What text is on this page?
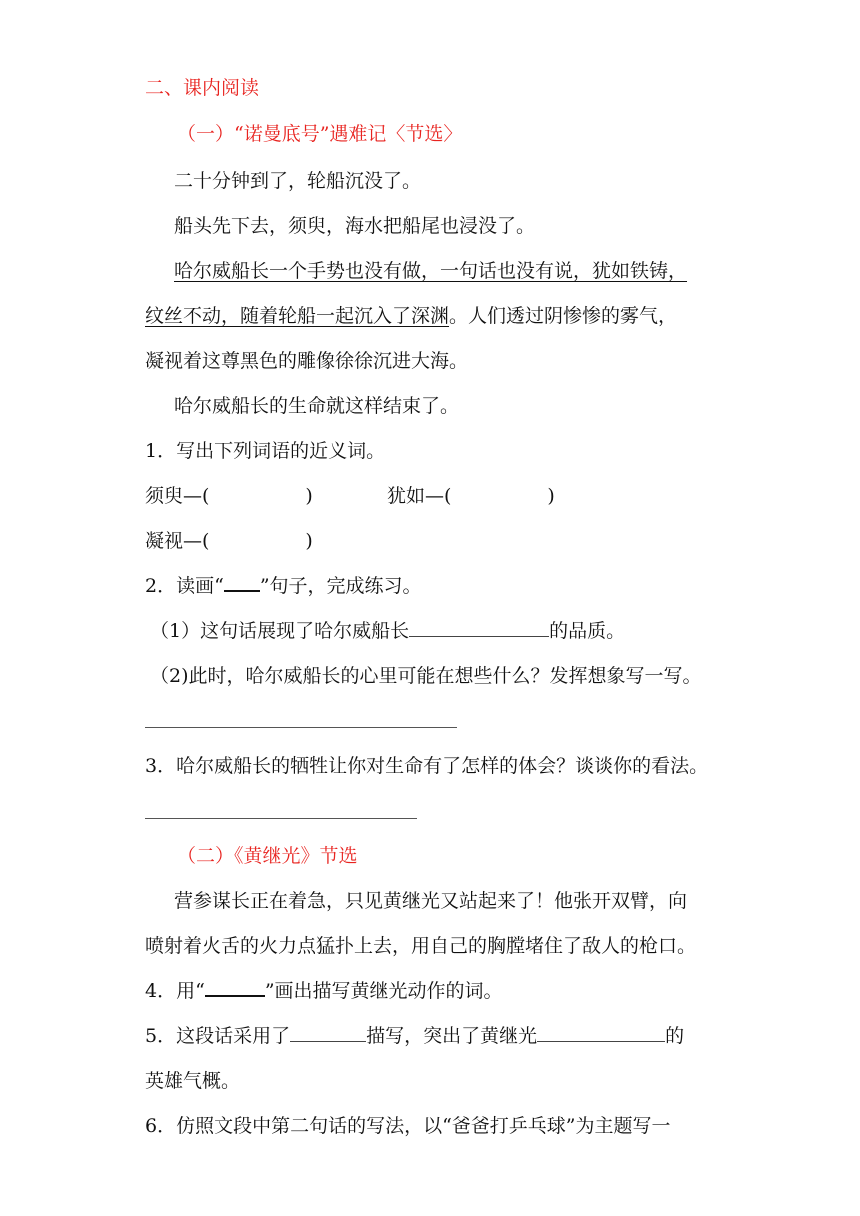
二、课内阅读
（一）“诺曼底号”遇难记〈节选〉
二十分钟到了，轮船沉没了。
船头先下去，须臾，海水把船尾也浸没了。
哈尔威船长一个手势也没有做，一句话也没有说，犹如铁铸，
纹丝不动，随着轮船一起沉入了深渊。人们透过阴惨惨的雾气，
凝视着这尊黑色的雕像徐徐沉进大海。
哈尔威船长的生命就这样结束了。
1．写出下列词语的近义词。
须臾—(	)	犹如—(	)
凝视—(	)
2．读画“ ”句子，完成练习。
（1）这句话展现了哈尔威船长	的品质。
（2)此时，哈尔威船长的心里可能在想些什么？发挥想象写一写。
3．哈尔威船长的牺牲让你对生命有了怎样的体会？谈谈你的看法。
（二）《黄继光》节选
营参谋长正在着急，只见黄继光又站起来了！他张开双臂，向
喷射着火舌的火力点猛扑上去，用自己的胸膛堵住了敌人的枪口。
4．用“	”画出描写黄继光动作的词。
5．这段话采用了	描写，突出了黄继光	的
英雄气概。
6．仿照文段中第二句话的写法，以“爸爸打乒乓球”为主题写一
